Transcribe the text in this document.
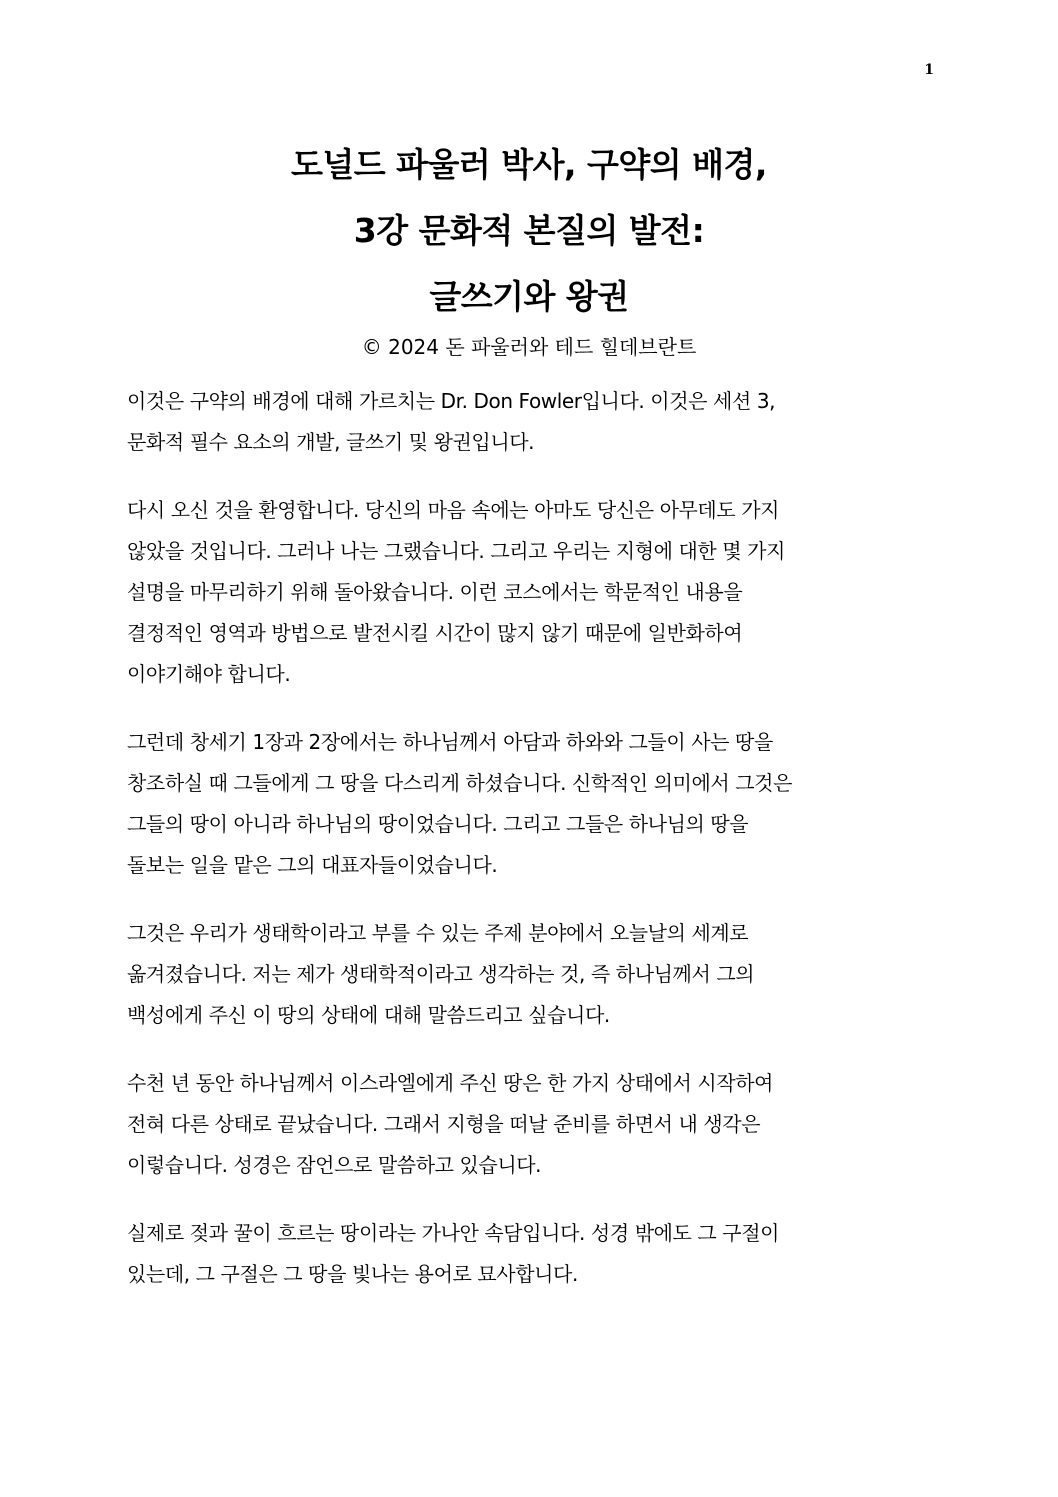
1
도널드 파울러 박사, 구약의 배경,
3강 문화적 본질의 발전:
글쓰기와 왕권
© 2024 돈 파울러와 테드 힐데브란트
이것은 구약의 배경에 대해 가르치는 Dr. Don Fowler입니다. 이것은 세션 3,
문화적 필수 요소의 개발, 글쓰기 및 왕권입니다.
다시 오신 것을 환영합니다. 당신의 마음 속에는 아마도 당신은 아무데도 가지
않았을 것입니다. 그러나 나는 그랬습니다. 그리고 우리는 지형에 대한 몇 가지
설명을 마무리하기 위해 돌아왔습니다. 이런 코스에서는 학문적인 내용을
결정적인 영역과 방법으로 발전시킬 시간이 많지 않기 때문에 일반화하여
이야기해야 합니다.
그런데 창세기 1장과 2장에서는 하나님께서 아담과 하와와 그들이 사는 땅을
창조하실 때 그들에게 그 땅을 다스리게 하셨습니다. 신학적인 의미에서 그것은
그들의 땅이 아니라 하나님의 땅이었습니다. 그리고 그들은 하나님의 땅을
돌보는 일을 맡은 그의 대표자들이었습니다.
그것은 우리가 생태학이라고 부를 수 있는 주제 분야에서 오늘날의 세계로
옮겨졌습니다. 저는 제가 생태학적이라고 생각하는 것, 즉 하나님께서 그의
백성에게 주신 이 땅의 상태에 대해 말씀드리고 싶습니다.
수천 년 동안 하나님께서 이스라엘에게 주신 땅은 한 가지 상태에서 시작하여
전혀 다른 상태로 끝났습니다. 그래서 지형을 떠날 준비를 하면서 내 생각은
이렇습니다. 성경은 잠언으로 말씀하고 있습니다.
실제로 젖과 꿀이 흐르는 땅이라는 가나안 속담입니다. 성경 밖에도 그 구절이
있는데, 그 구절은 그 땅을 빛나는 용어로 묘사합니다.
